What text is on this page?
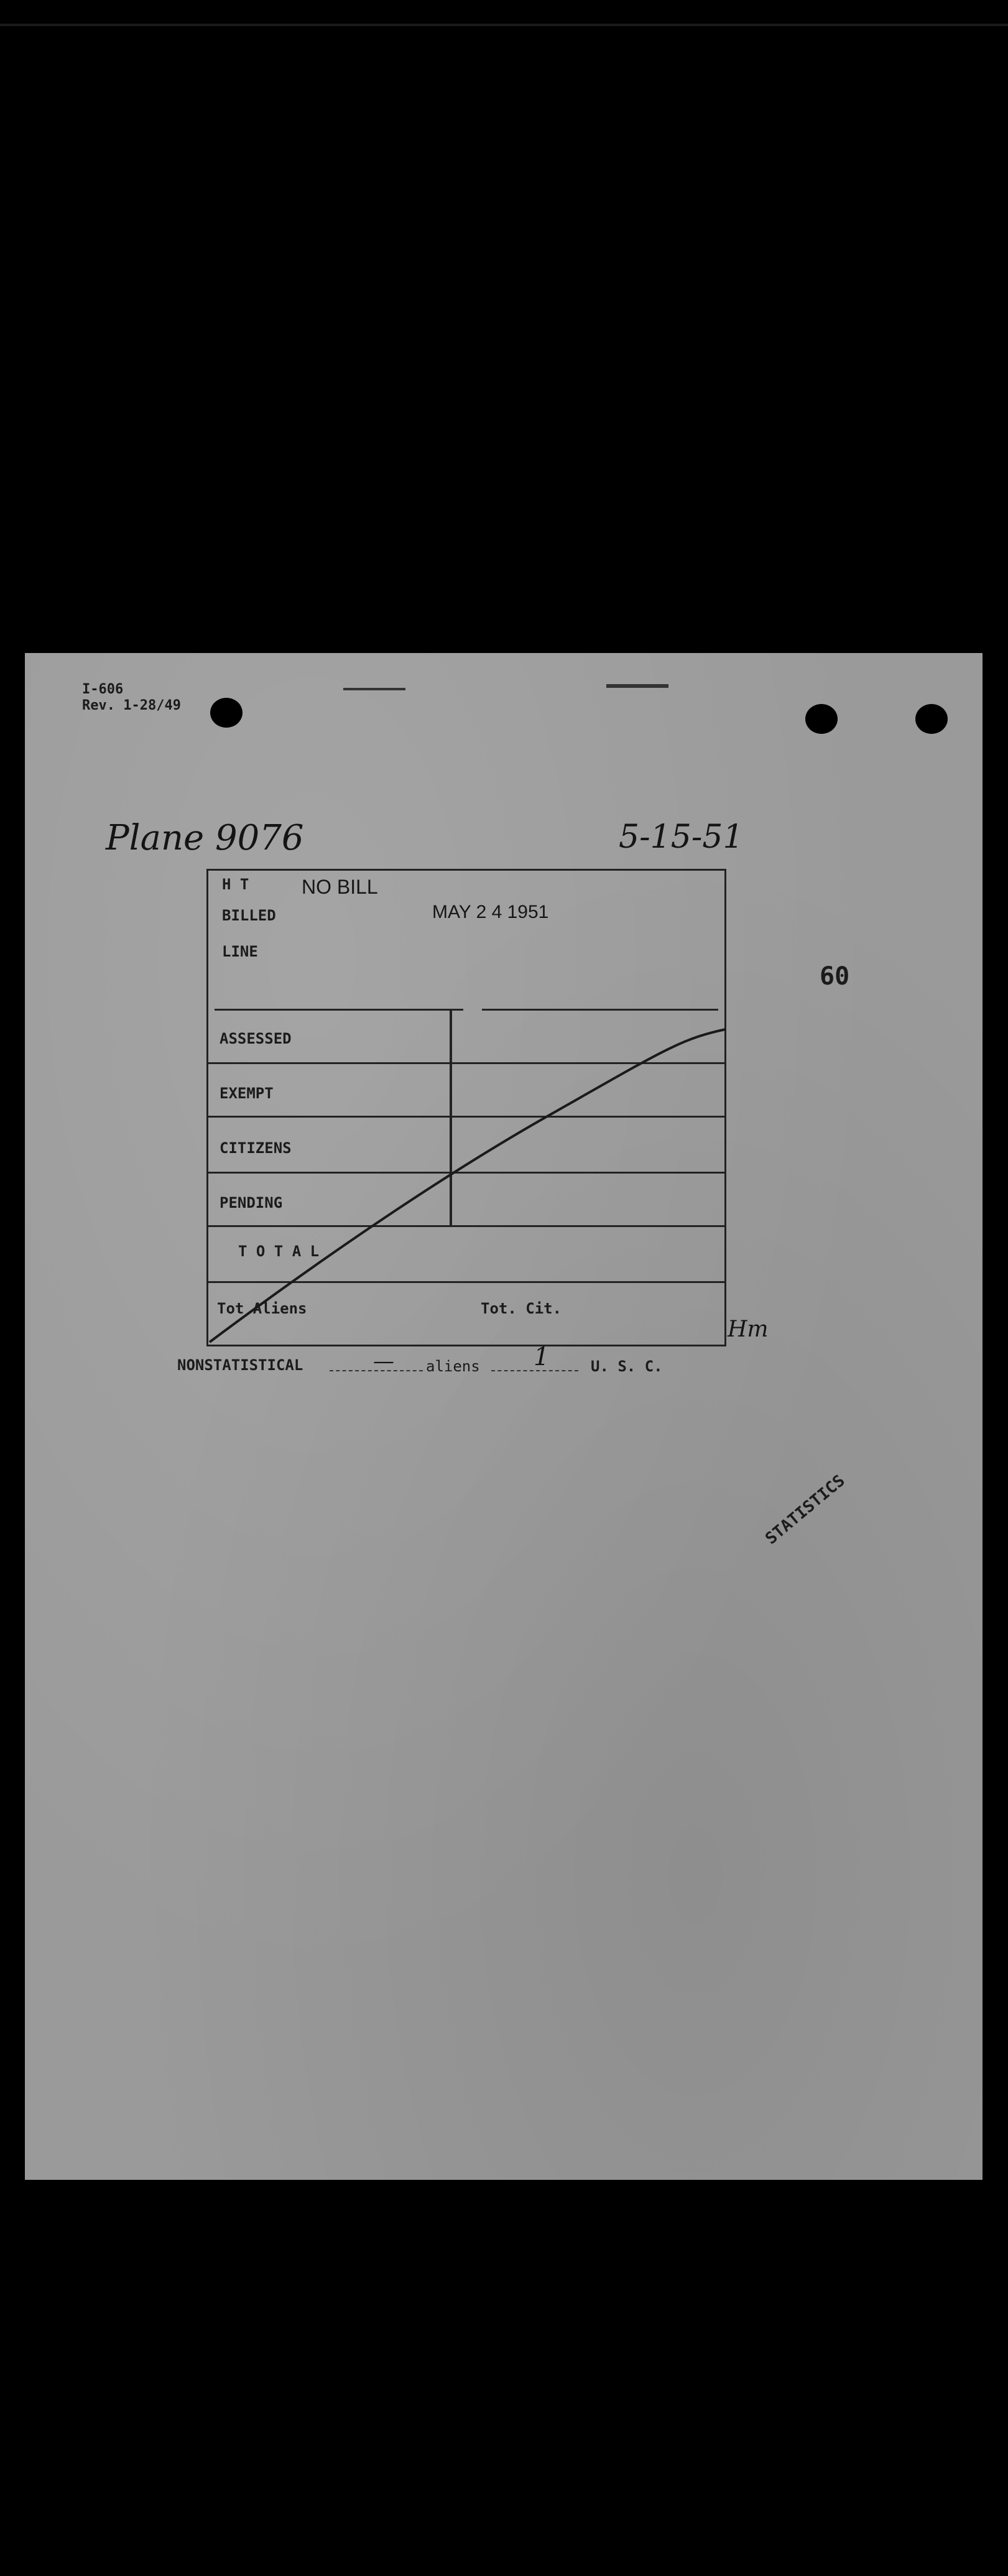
I-606
Rev. 1-28/49
Plane 9076	5-15-51
60
H T	NO BILL
BILLED	MAY 2 4 1951
LINE
ASSESSED
EXEMPT
CITIZENS
PENDING
T O T A L
Tot Aliens	Tot. Cit.
Hm
NONSTATISTICAL	— aliens 1	U. S. C.
STATISTICS
